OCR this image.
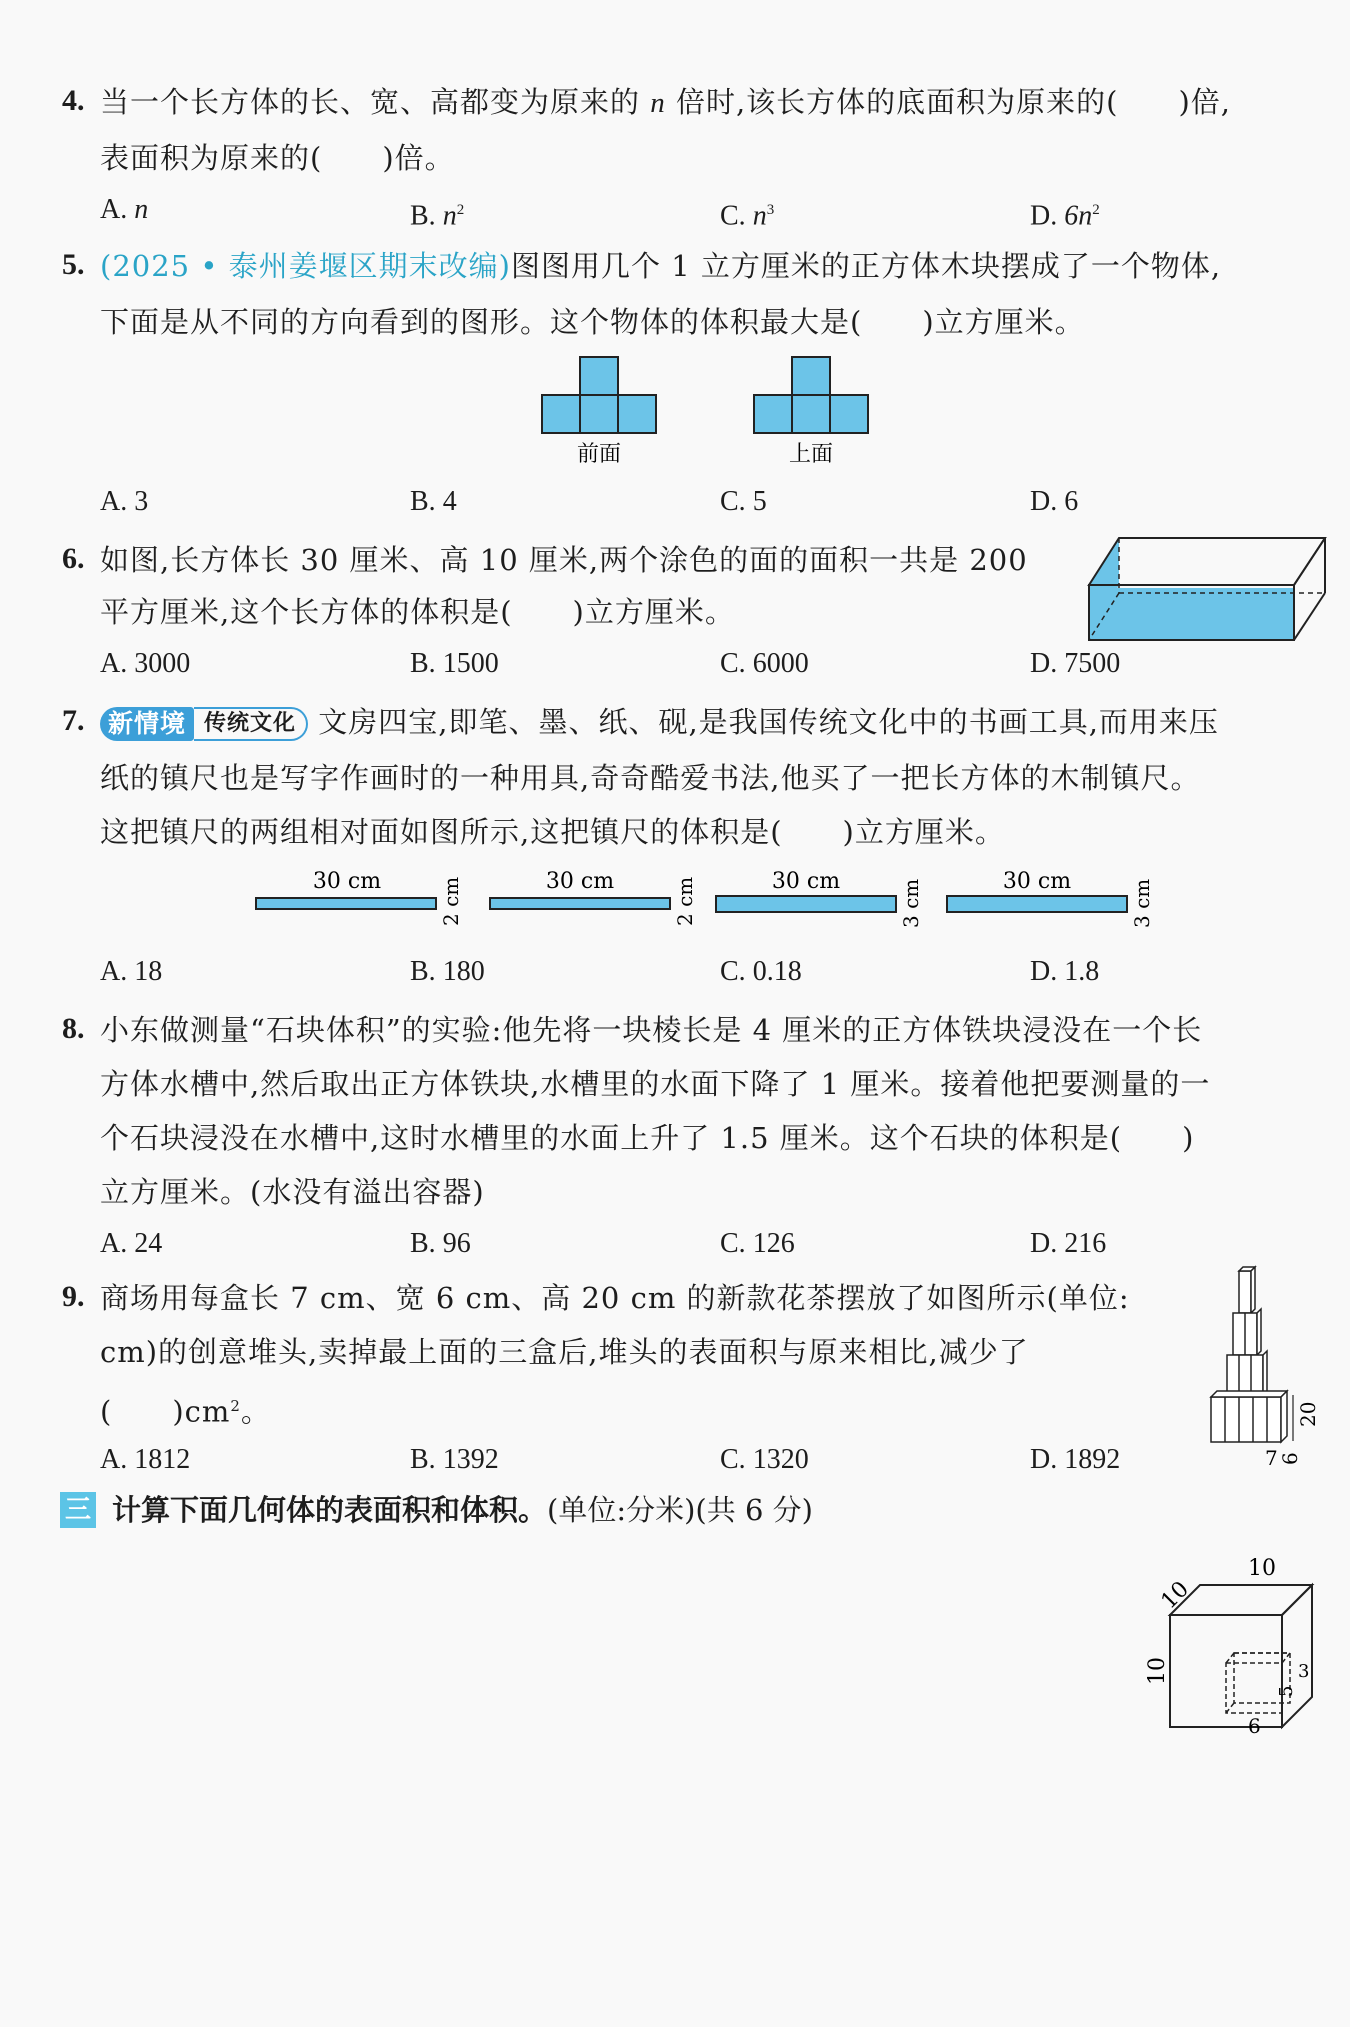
4. 当一个长方体的长、宽、高都变为原来的 n 倍时,该长方体的底面积为原来的(　　)倍,
表面积为原来的(　　)倍。
A. n	B. $n^2$	C. $n^3$	D. $6n^2$
5. (2025 • 泰州姜堰区期末改编)图图用几个 1 立方厘米的正方体木块摆成了一个物体,
下面是从不同的方向看到的图形。这个物体的体积最大是(　　)立方厘米。
前面	上面
A. 3	B. 4	C. 5	D. 6
6. 如图,长方体长 30 厘米、高 10 厘米,两个涂色的面的面积一共是 200
平方厘米,这个长方体的体积是(　　)立方厘米。
A. 3000	B. 1500	C. 6000	D. 7500
7. 新情境 传统文化 文房四宝,即笔、墨、纸、砚,是我国传统文化中的书画工具,而用来压
纸的镇尺也是写字作画时的一种用具,奇奇酷爱书法,他买了一把长方体的木制镇尺。
这把镇尺的两组相对面如图所示,这把镇尺的体积是(　　)立方厘米。
30 cm	2 cm	30 cm	2 cm	30 cm	3 cm	30 cm	3 cm
A. 18	B. 180	C. 0.18	D. 1.8
8. 小东做测量“石块体积”的实验:他先将一块棱长是 4 厘米的正方体铁块浸没在一个长
方体水槽中,然后取出正方体铁块,水槽里的水面下降了 1 厘米。接着他把要测量的一
个石块浸没在水槽中,这时水槽里的水面上升了 1.5 厘米。这个石块的体积是(　　)
立方厘米。(水没有溢出容器)
A. 24	B. 96	C. 126	D. 216
9. 商场用每盒长 7 cm、宽 6 cm、高 20 cm 的新款花茶摆放了如图所示(单位:
cm)的创意堆头,卖掉最上面的三盒后,堆头的表面积与原来相比,减少了
(　　)$cm^2$。	20
7 6
A. 1812	B. 1392	C. 1320	D. 1892
三 计算下面几何体的表面积和体积。(单位:分米)(共 6 分)
10
10
10
5
3
6
